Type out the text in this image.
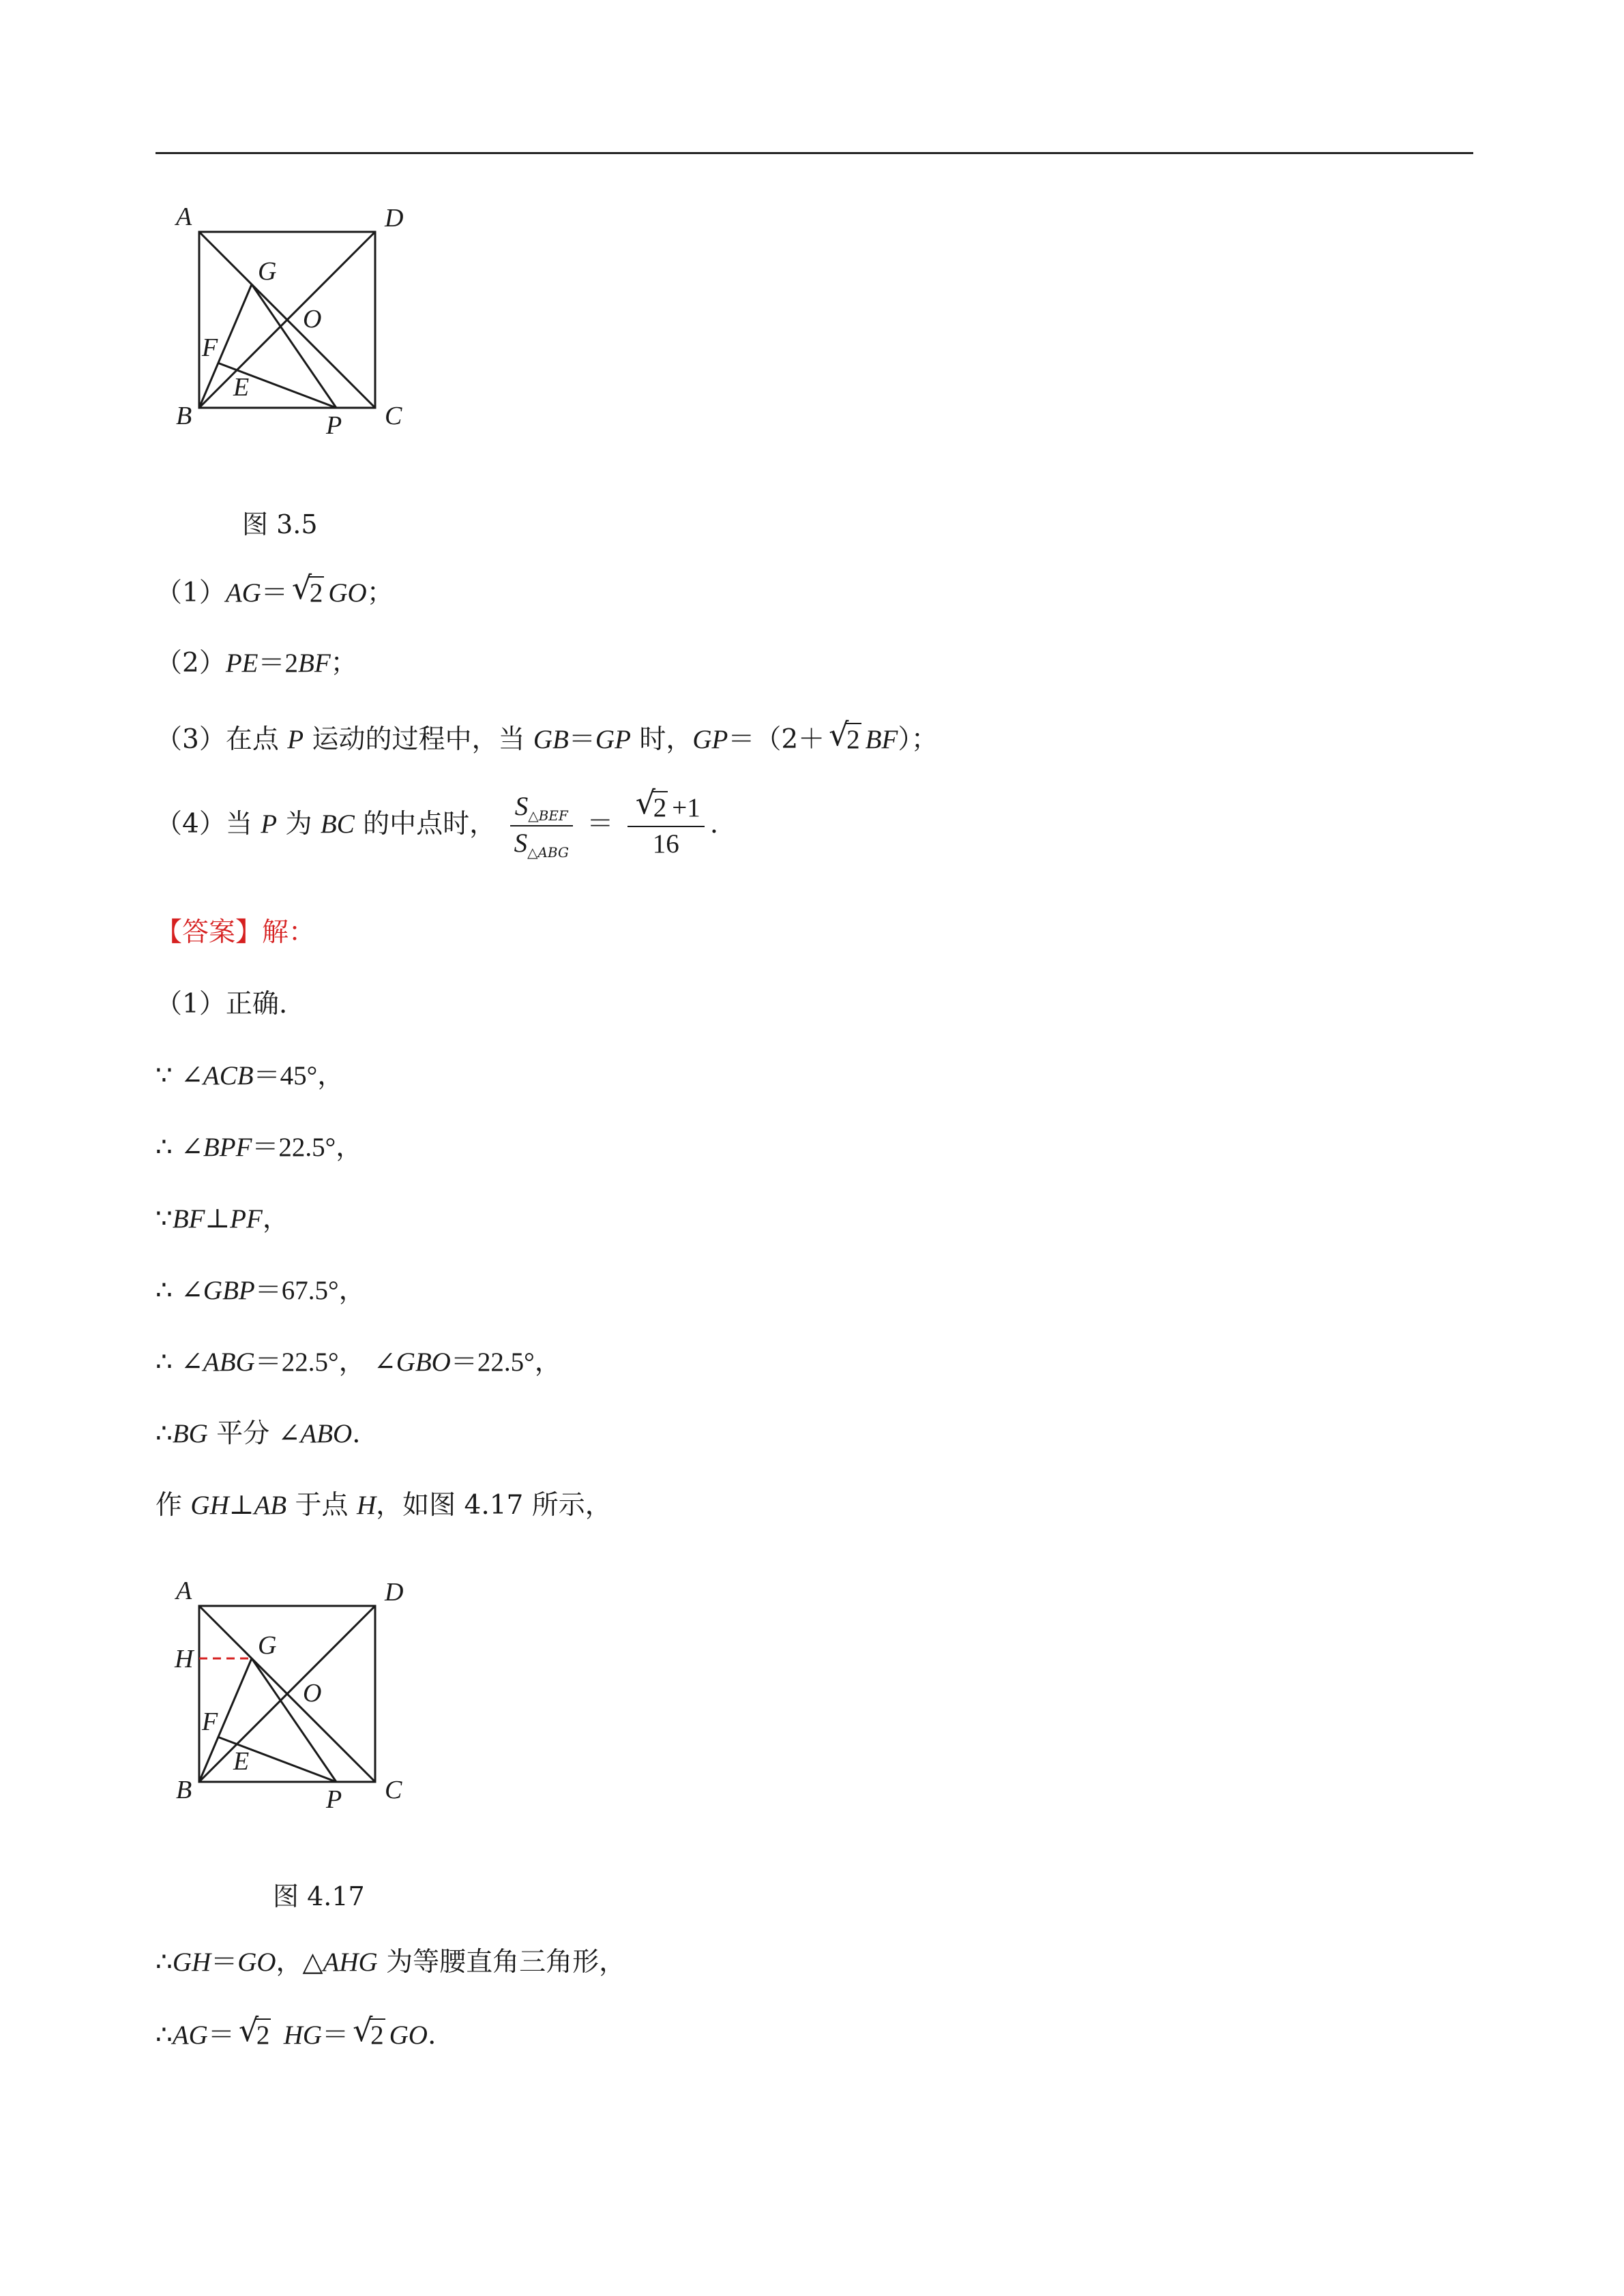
A	D
G
O
F
E
B	P C
图 3.5
（1）AG＝ √
2 GO；
（2）PE＝2BF；
（3）在点 P 运动的过程中，当 GB＝GP 时，GP＝（2＋ √
2 BF）；
（4）当 P 为 BC 的中点时， $\frac{S_{\triangle BEF}}{S_{\triangle ABG}}$ ＝ √
2 +1
16 .
【答案】解：
（1）正确.
∵ ∠ACB＝45°，
∴ ∠BPF＝22.5°，
∵BF⊥PF，
∴ ∠GBP＝67.5°，
∴ ∠ABG＝22.5°， ∠GBO＝22.5°，
∴BG 平分 ∠ABO.
作 GH⊥AB 于点 H，如图 4.17 所示，
A	D
H G
O
F
E
B	P C
图 4.17
∴GH＝GO，△AHG 为等腰直角三角形，
∴AG＝ √
2 HG＝ √
2 GO.
